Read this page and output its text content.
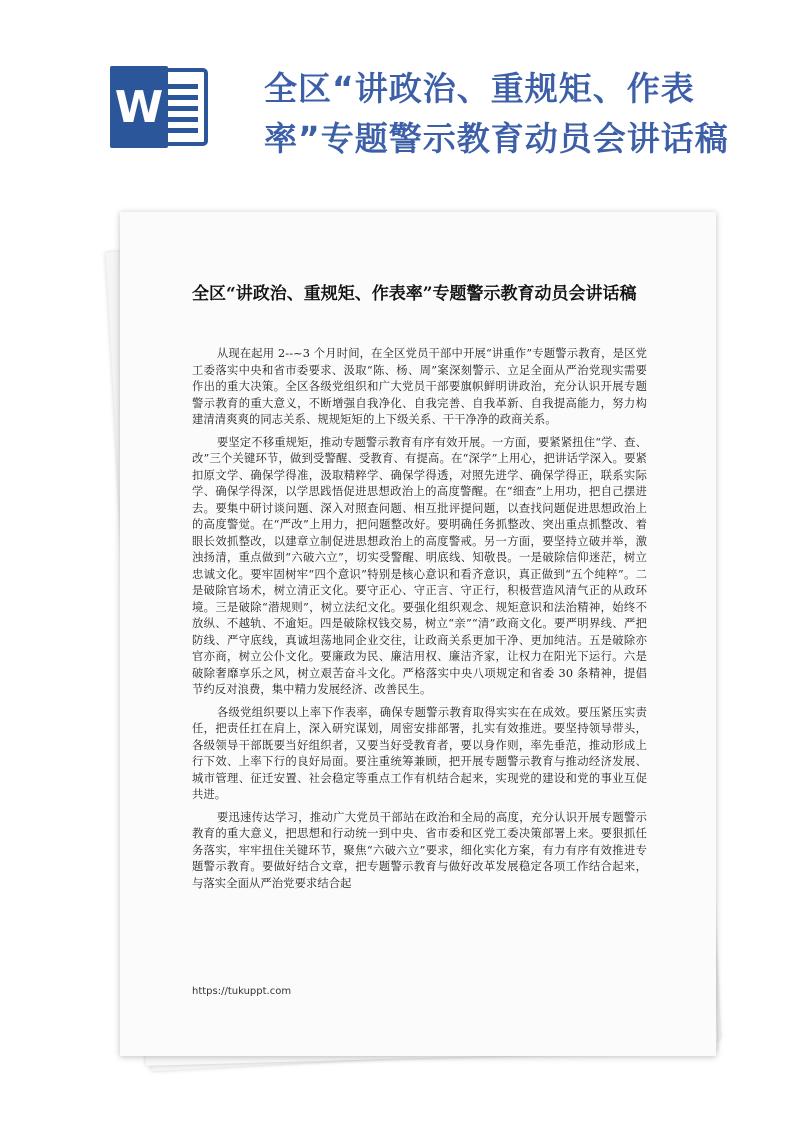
W	全区“讲政治、重规矩、作表率”专题警示教育动员会讲话稿
全区“讲政治、重规矩、作表率”专题警示教育动员会讲话稿

从现在起用 2--~3 个月时间，在全区党员干部中开展“讲重作”专题警示教育，是区党工委落实中央和省市委要求、汲取“陈、杨、周”案深刻警示、立足全面从严治党现实需要作出的重大决策。全区各级党组织和广大党员干部要旗帜鲜明讲政治，充分认识开展专题警示教育的重大意义，不断增强自我净化、自我完善、自我革新、自我提高能力，努力构建清清爽爽的同志关系、规规矩矩的上下级关系、干干净净的政商关系。

要坚定不移重规矩，推动专题警示教育有序有效开展。一方面，要紧紧扭住“学、查、改”三个关键环节，做到受警醒、受教育、有提高。在“深学”上用心，把讲话学深入。要紧扣原文学、确保学得准，汲取精粹学、确保学得透，对照先进学、确保学得正，联系实际学、确保学得深，以学思践悟促进思想政治上的高度警醒。在“细查”上用功，把自己摆进去。要集中研讨谈问题、深入对照查问题、相互批评提问题，以查找问题促进思想政治上的高度警觉。在“严改”上用力，把问题整改好。要明确任务抓整改、突出重点抓整改、着眼长效抓整改，以建章立制促进思想政治上的高度警戒。另一方面，要坚持立破并举，激浊扬清，重点做到“六破六立”，切实受警醒、明底线、知敬畏。一是破除信仰迷茫，树立忠诚文化。要牢固树牢“四个意识”特别是核心意识和看齐意识，真正做到“五个纯粹”。二是破除官场术，树立清正文化。要守正心、守正言、守正行，积极营造风清气正的从政环境。三是破除“潜规则”，树立法纪文化。要强化组织观念、规矩意识和法治精神，始终不放纵、不越轨、不逾矩。四是破除权钱交易，树立“亲”“清”政商文化。要严明界线、严把防线、严守底线，真诚坦荡地同企业交往，让政商关系更加干净、更加纯洁。五是破除亦官亦商，树立公仆文化。要廉政为民、廉洁用权、廉洁齐家，让权力在阳光下运行。六是破除奢靡享乐之风，树立艰苦奋斗文化。严格落实中央八项规定和省委 30 条精神，提倡节约反对浪费，集中精力发展经济、改善民生。

各级党组织要以上率下作表率，确保专题警示教育取得实实在在成效。要压紧压实责任，把责任扛在肩上，深入研究谋划，周密安排部署，扎实有效推进。要坚持领导带头，各级领导干部既要当好组织者，又要当好受教育者，要以身作则，率先垂范，推动形成上行下效、上率下行的良好局面。要注重统筹兼顾，把开展专题警示教育与推动经济发展、城市管理、征迁安置、社会稳定等重点工作有机结合起来，实现党的建设和党的事业互促共进。

要迅速传达学习，推动广大党员干部站在政治和全局的高度，充分认识开展专题警示教育的重大意义，把思想和行动统一到中央、省市委和区党工委决策部署上来。要狠抓任务落实，牢牢扭住关键环节，聚焦“六破六立”要求，细化实化方案，有力有序有效推进专题警示教育。要做好结合文章，把专题警示教育与做好改革发展稳定各项工作结合起来，与落实全面从严治党要求结合起

https://tukuppt.com
